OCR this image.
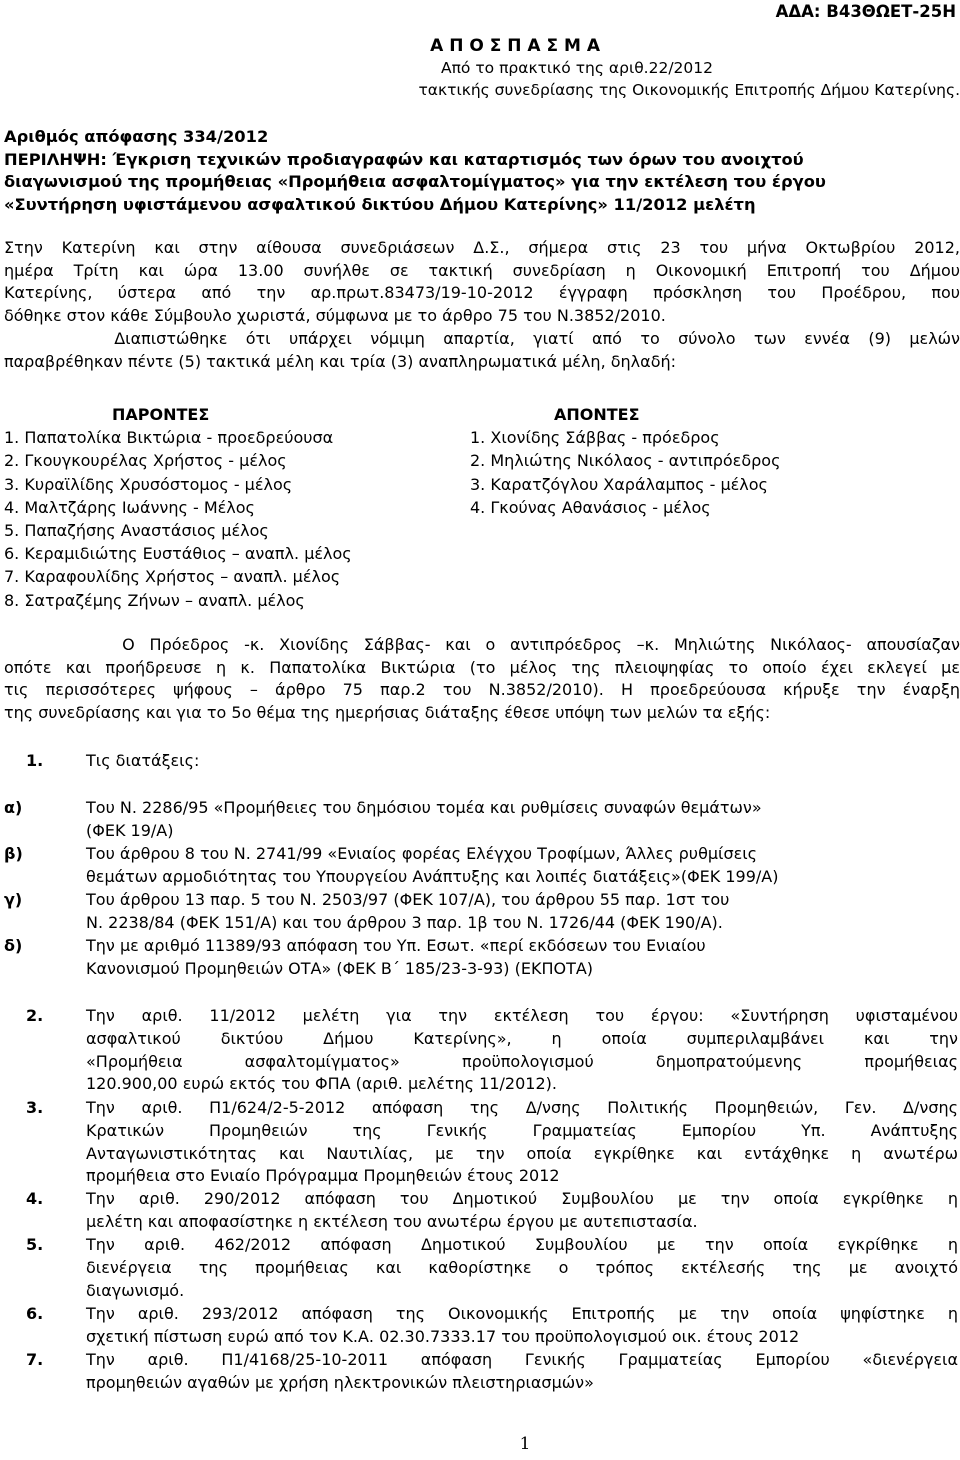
ΑΔΑ: Β43ΘΩΕΤ-25Η
Α Π Ο Σ Π Α Σ Μ Α
Από το πρακτικό της αριθ.22/2012
τακτικής συνεδρίασης της Οικονομικής Επιτροπής Δήμου Κατερίνης.
Αριθμός απόφασης 334/2012
ΠΕΡΙΛΗΨΗ: Έγκριση τεχνικών προδιαγραφών και καταρτισμός των όρων του ανοιχτού
διαγωνισμού της προμήθειας «Προμήθεια ασφαλτομίγματος» για την εκτέλεση του έργου
«Συντήρηση υφιστάμενου ασφαλτικού δικτύου Δήμου Κατερίνης» 11/2012 μελέτη
Στην Κατερίνη και στην αίθουσα συνεδριάσεων Δ.Σ., σήμερα στις 23 του μήνα Οκτωβρίου 2012,
ημέρα Τρίτη και ώρα 13.00 συνήλθε σε τακτική συνεδρίαση η Οικονομική Επιτροπή του Δήμου
Κατερίνης, ύστερα από την αρ.πρωτ.83473/19-10-2012 έγγραφη πρόσκληση του Προέδρου, που
δόθηκε στον κάθε Σύμβουλο χωριστά, σύμφωνα με το άρθρο 75 του Ν.3852/2010.
Διαπιστώθηκε ότι υπάρχει νόμιμη απαρτία, γιατί από το σύνολο των εννέα (9) μελών
παραβρέθηκαν πέντε (5) τακτικά μέλη και τρία (3) αναπληρωματικά μέλη, δηλαδή:
ΠΑΡΟΝΤΕΣ
1. Παπατολίκα Βικτώρια - προεδρεύουσα
2. Γκουγκουρέλας Χρήστος - μέλος
3. Κυραϊλίδης Χρυσόστομος - μέλος
4. Μαλτζάρης Ιωάννης - Μέλος
5. Παπαζήσης Αναστάσιος μέλος
6. Κεραμιδιώτης Ευστάθιος – αναπλ. μέλος
7. Καραφουλίδης Χρήστος – αναπλ. μέλος
8. Σατραζέμης Ζήνων – αναπλ. μέλος
ΑΠΟΝΤΕΣ
1. Χιονίδης Σάββας - πρόεδρος
2. Μηλιώτης Νικόλαος - αντιπρόεδρος
3. Καρατζόγλου Χαράλαμπος - μέλος
4. Γκούνας Αθανάσιος - μέλος
Ο Πρόεδρος -κ. Χιονίδης Σάββας- και ο αντιπρόεδρος –κ. Μηλιώτης Νικόλαος- απουσίαζαν
οπότε και προήδρευσε η κ. Παπατολίκα Βικτώρια (το μέλος της πλειοψηφίας το οποίο έχει εκλεγεί με
τις περισσότερες ψήφους – άρθρο 75 παρ.2 του Ν.3852/2010). Η προεδρεύουσα κήρυξε την έναρξη
της συνεδρίασης και για το 5ο θέμα της ημερήσιας διάταξης έθεσε υπόψη των μελών τα εξής:
1.	Τις διατάξεις:
α)	Του Ν. 2286/95 «Προμήθειες του δημόσιου τομέα και ρυθμίσεις συναφών θεμάτων»
(ΦΕΚ 19/Α)
β)	Του άρθρου 8 του Ν. 2741/99 «Ενιαίος φορέας Ελέγχου Τροφίμων, Άλλες ρυθμίσεις
θεμάτων αρμοδιότητας του Υπουργείου Ανάπτυξης και λοιπές διατάξεις»(ΦΕΚ 199/Α)
γ)	Του άρθρου 13 παρ. 5 του Ν. 2503/97 (ΦΕΚ 107/Α), του άρθρου 55 παρ. 1στ του
Ν. 2238/84 (ΦΕΚ 151/Α) και του άρθρου 3 παρ. 1β του Ν. 1726/44 (ΦΕΚ 190/Α).
δ)	Την με αριθμό 11389/93 απόφαση του Υπ. Εσωτ. «περί εκδόσεων του Ενιαίου
Κανονισμού Προμηθειών ΟΤΑ» (ΦΕΚ Β΄ 185/23-3-93) (ΕΚΠΟΤΑ)
2.	Την αριθ. 11/2012 μελέτη για την εκτέλεση του έργου: «Συντήρηση υφισταμένου
ασφαλτικού δικτύου Δήμου Κατερίνης», η οποία συμπεριλαμβάνει και την
«Προμήθεια ασφαλτομίγματος» προϋπολογισμού δημοπρατούμενης προμήθειας
120.900,00 ευρώ εκτός του ΦΠΑ (αριθ. μελέτης 11/2012).
3.	Την αριθ. Π1/624/2-5-2012 απόφαση της Δ/νσης Πολιτικής Προμηθειών, Γεν. Δ/νσης
Κρατικών Προμηθειών της Γενικής Γραμματείας Εμπορίου Υπ. Ανάπτυξης
Ανταγωνιστικότητας και Ναυτιλίας, με την οποία εγκρίθηκε και εντάχθηκε η ανωτέρω
προμήθεια στο Ενιαίο Πρόγραμμα Προμηθειών έτους 2012
4.	Την αριθ. 290/2012 απόφαση του Δημοτικού Συμβουλίου με την οποία εγκρίθηκε η
μελέτη και αποφασίστηκε η εκτέλεση του ανωτέρω έργου με αυτεπιστασία.
5.	Την αριθ. 462/2012 απόφαση Δημοτικού Συμβουλίου με την οποία εγκρίθηκε η
διενέργεια της προμήθειας και καθορίστηκε ο τρόπος εκτέλεσής της με ανοιχτό
διαγωνισμό.
6.	Την αριθ. 293/2012 απόφαση της Οικονομικής Επιτροπής με την οποία ψηφίστηκε η
σχετική πίστωση ευρώ από τον Κ.Α. 02.30.7333.17 του προϋπολογισμού οικ. έτους 2012
7.	Την αριθ. Π1/4168/25-10-2011 απόφαση Γενικής Γραμματείας Εμπορίου «διενέργεια
προμηθειών αγαθών με χρήση ηλεκτρονικών πλειστηριασμών»
1
